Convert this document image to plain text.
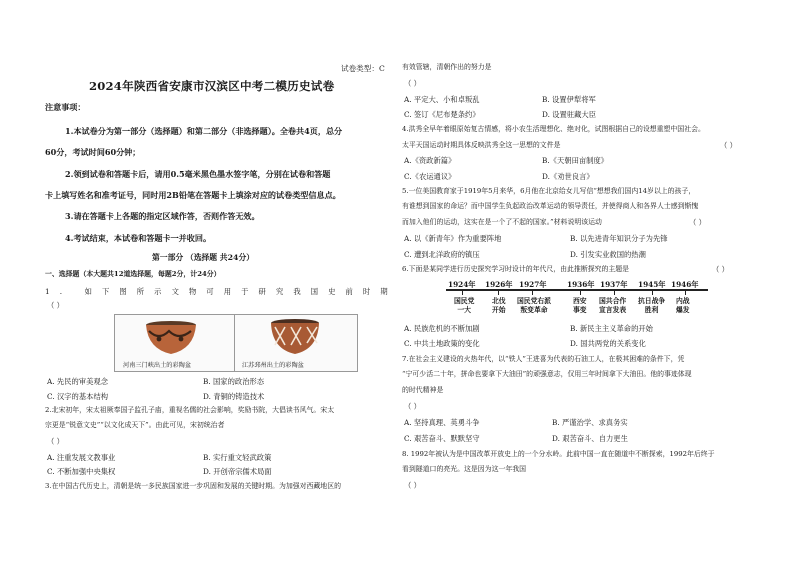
试卷类型：C
2024年陕西省安康市汉滨区中考二模历史试卷
注意事项：
1.本试卷分为第一部分（选择题）和第二部分（非选择题）。全卷共4页，总分
60分，考试时间60分钟；
2.领到试卷和答题卡后，请用0.5毫米黑色墨水签字笔，分别在试卷和答题
卡上填写姓名和准考证号，同时用2B铅笔在答题卡上填涂对应的试卷类型信息点。
3.请在答题卡上各题的指定区域作答，否则作答无效。
4.考试结束，本试卷和答题卡一并收回。
第一部分 （选择题 共24分）
一、选择题（本大题共12道选择题，每题2分，计24分）
1. 如下图所示文物可用于研究我国史前时期
（ ）
河南三门峡出土的彩陶盆	江苏邳州出土的彩陶盆
A. 先民的审美观念	B. 国家的政治形态
C. 汉字的基本结构	D. 青铜的铸造技术
2.北宋初年，宋太祖厥奉国子监孔子庙，重视名儒的社会影响，奖励书院，大倡读书风气。宋太
宗更是“锐意文史”“以文化成天下”。由此可见，宋初统治者
（ ）
A. 注重发展文教事业	B. 实行重文轻武政策
C. 不断加强中央集权	D. 开创帝宗儒术局面
3.在中国古代历史上，清朝是统一多民族国家进一步巩固和发展的关键时期。为加强对西藏地区的
有效管辖，清朝作出的努力是
（ ）
A. 平定大、小和卓叛乱	B. 设置伊犁将军
C. 签订《尼布楚条约》	D. 设置驻藏大臣
4.洪秀全早年着眼原始复古情感，将小农生活理想化、绝对化，试图根据自己的设想重塑中国社会。
太平天国运动时期具体反映洪秀全这一思想的文件是	（ ）
A.《资政新篇》	B.《天朝田亩制度》
C.《农运通议》	D.《劝世良言》
5.一位美国教育家于1919年5月来华，6月他在北京给女儿写信“想想我们国内14岁以上的孩子，
有谁想到国家的命运？而中国学生负起政治改革运动的领导责任，并使得商人和各界人士感到惭愧
而加入他们的运动，这实在是一个了不起的国家。”材料说明该运动	（ ）
A. 以《新青年》作为重要阵地	B. 以先进青年知识分子为先锋
C. 遭到北洋政府的镇压	D. 引发实业救国的热潮
6.下面是某同学进行历史探究学习时设计的年代尺，由此推断探究的主题是	（ ）
1924年 1926年 1927年	1936年 1937年 1945年 1946年
国民党
一大
北伐
开始
国民党右派
叛变革命
西安
事变
国共合作
宣言发表
抗日战争
胜利
内战
爆发
A. 民族危机的不断加剧	B. 新民主主义革命的开始
C. 中共土地政策的变化	D. 国共两党的关系变化
7.在社会主义建设的火热年代，以“铁人”王进喜为代表的石油工人，在极其困难的条件下，凭
“宁可少活二十年，拼命也要拿下大油田”的顽强意志，仅用三年时间拿下大油田。他的事迹体现
的时代精神是
（ ）
A. 坚持真理、英勇斗争	B. 严谨治学、求真务实
C. 艰苦奋斗、默默坚守	D. 艰苦奋斗、自力更生
8. 1992年被认为是中国改革开放史上的一个分水岭。此前中国一直在随道中不断探索，1992年后终于
看到隧道口的亮光。这是因为这一年我国
（ ）
